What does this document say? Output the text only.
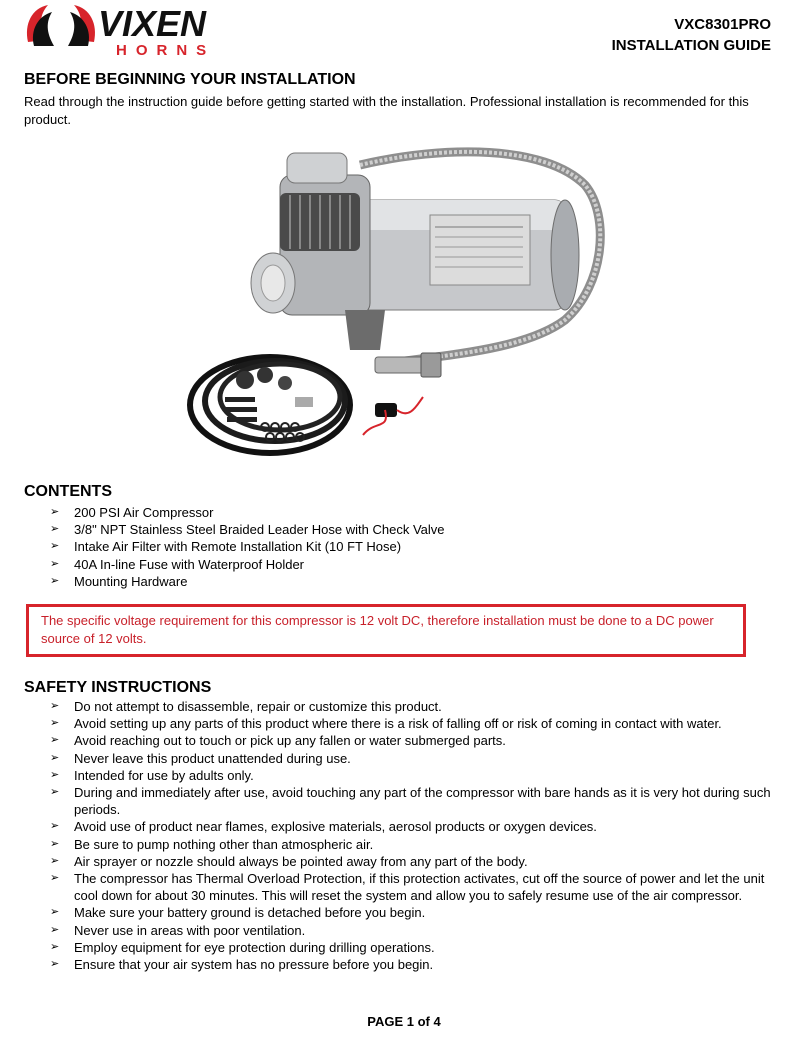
VIXEN
HORNS
VXC8301PRO
INSTALLATION GUIDE
BEFORE BEGINNING YOUR INSTALLATION
Read through the instruction guide before getting started with the installation. Professional installation is recommended for this product.
CONTENTS
➢ 200 PSI Air Compressor
➢ 3/8" NPT Stainless Steel Braided Leader Hose with Check Valve
➢ Intake Air Filter with Remote Installation Kit (10 FT Hose)
➢ 40A In-line Fuse with Waterproof Holder
➢ Mounting Hardware
The specific voltage requirement for this compressor is 12 volt DC, therefore installation must be done to a DC power source of 12 volts.
SAFETY INSTRUCTIONS
➢ Do not attempt to disassemble, repair or customize this product.
➢ Avoid setting up any parts of this product where there is a risk of falling off or risk of coming in contact with water.
➢ Avoid reaching out to touch or pick up any fallen or water submerged parts.
➢ Never leave this product unattended during use.
➢ Intended for use by adults only.
➢ During and immediately after use, avoid touching any part of the compressor with bare hands as it is very hot during such periods.
➢ Avoid use of product near flames, explosive materials, aerosol products or oxygen devices.
➢ Be sure to pump nothing other than atmospheric air.
➢ Air sprayer or nozzle should always be pointed away from any part of the body.
➢ The compressor has Thermal Overload Protection, if this protection activates, cut off the source of power and let the unit cool down for about 30 minutes. This will reset the system and allow you to safely resume use of the air compressor.
➢ Make sure your battery ground is detached before you begin.
➢ Never use in areas with poor ventilation.
➢ Employ equipment for eye protection during drilling operations.
➢ Ensure that your air system has no pressure before you begin.
PAGE 1 of 4
